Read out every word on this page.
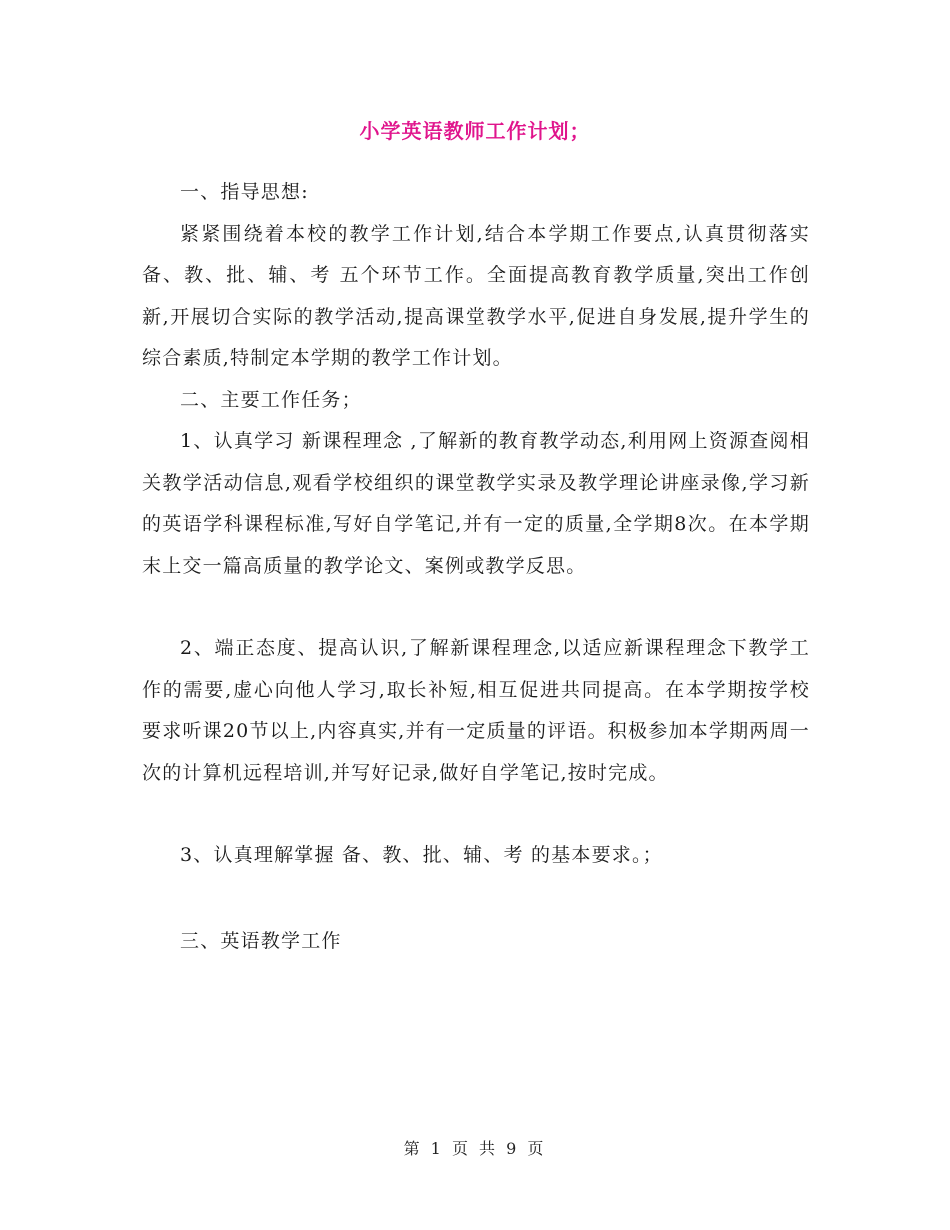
小学英语教师工作计划；

一、指导思想:

紧紧围绕着本校的教学工作计划,结合本学期工作要点,认真贯彻落实 备、教、批、辅、考 五个环节工作。全面提高教育教学质量,突出工作创新,开展切合实际的教学活动,提高课堂教学水平,促进自身发展,提升学生的综合素质,特制定本学期的教学工作计划。

二、主要工作任务；

1、认真学习 新课程理念 ,了解新的教育教学动态,利用网上资源查阅相关教学活动信息,观看学校组织的课堂教学实录及教学理论讲座录像,学习新的英语学科课程标准,写好自学笔记,并有一定的质量,全学期8次。在本学期末上交一篇高质量的教学论文、案例或教学反思。

2、端正态度、提高认识,了解新课程理念,以适应新课程理念下教学工作的需要,虚心向他人学习,取长补短,相互促进共同提高。在本学期按学校要求听课20节以上,内容真实,并有一定质量的评语。积极参加本学期两周一次的计算机远程培训,并写好记录,做好自学笔记,按时完成。

3、认真理解掌握 备、教、批、辅、考 的基本要求。；

三、英语教学工作

第 1 页 共 9 页
